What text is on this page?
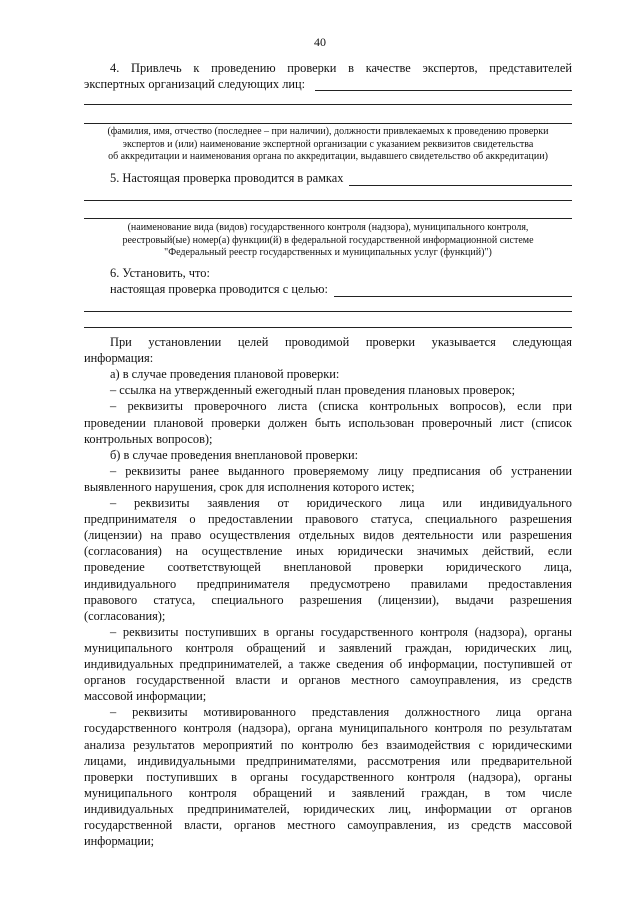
40
4. Привлечь к проведению проверки в качестве экспертов, представителей
экспертных организаций следующих лиц:
(фамилия, имя, отчество (последнее – при наличии), должности привлекаемых к проведению проверки
экспертов и (или) наименование экспертной организации с указанием реквизитов свидетельства
об аккредитации и наименования органа по аккредитации, выдавшего свидетельство об аккредитации)
5. Настоящая проверка проводится в рамках
(наименование вида (видов) государственного контроля (надзора), муниципального контроля,
реестровый(ые) номер(а) функции(й) в федеральной государственной информационной системе
"Федеральный реестр государственных и муниципальных услуг (функций)")
6. Установить, что:
настоящая проверка проводится с целью:
При установлении целей проводимой проверки указывается следующая
информация:
а) в случае проведения плановой проверки:
– ссылка на утвержденный ежегодный план проведения плановых проверок;
– реквизиты проверочного листа (списка контрольных вопросов), если при
проведении плановой проверки должен быть использован проверочный лист (список
контрольных вопросов);
б) в случае проведения внеплановой проверки:
– реквизиты ранее выданного проверяемому лицу предписания об устранении
выявленного нарушения, срок для исполнения которого истек;
– реквизиты заявления от юридического лица или индивидуального
предпринимателя о предоставлении правового статуса, специального разрешения
(лицензии) на право осуществления отдельных видов деятельности или разрешения
(согласования) на осуществление иных юридически значимых действий, если
проведение соответствующей внеплановой проверки юридического лица,
индивидуального предпринимателя предусмотрено правилами предоставления
правового статуса, специального разрешения (лицензии), выдачи разрешения
(согласования);
– реквизиты поступивших в органы государственного контроля (надзора), органы
муниципального контроля обращений и заявлений граждан, юридических лиц,
индивидуальных предпринимателей, а также сведения об информации, поступившей от
органов государственной власти и органов местного самоуправления, из средств
массовой информации;
– реквизиты мотивированного представления должностного лица органа
государственного контроля (надзора), органа муниципального контроля по результатам
анализа результатов мероприятий по контролю без взаимодействия с юридическими
лицами, индивидуальными предпринимателями, рассмотрения или предварительной
проверки поступивших в органы государственного контроля (надзора), органы
муниципального контроля обращений и заявлений граждан, в том числе
индивидуальных предпринимателей, юридических лиц, информации от органов
государственной власти, органов местного самоуправления, из средств массовой
информации;
